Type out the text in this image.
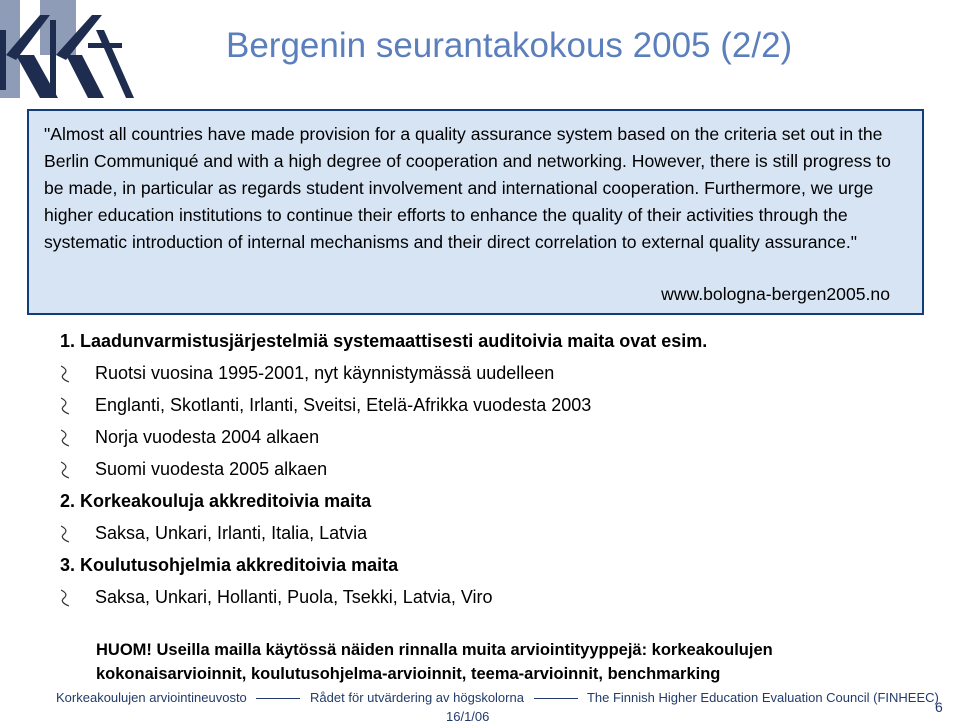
Bergenin seurantakokous 2005 (2/2)
"Almost all countries have made provision for a quality assurance system based on the criteria set out in the Berlin Communiqué and with a high degree of cooperation and networking. However, there is still progress to be made, in particular as regards student involvement and international cooperation. Furthermore, we urge higher education institutions to continue their efforts to enhance the quality of their activities through the systematic introduction of internal mechanisms and their direct correlation to external quality assurance."
www.bologna-bergen2005.no
1. Laadunvarmistusjärjestelmiä systemaattisesti auditoivia maita ovat esim.
Ruotsi vuosina 1995-2001, nyt käynnistymässä uudelleen
Englanti, Skotlanti, Irlanti, Sveitsi, Etelä-Afrikka vuodesta 2003
Norja vuodesta 2004 alkaen
Suomi vuodesta 2005 alkaen
2. Korkeakouluja akkreditoivia maita
Saksa, Unkari, Irlanti, Italia, Latvia
3. Koulutusohjelmia akkreditoivia maita
Saksa, Unkari, Hollanti, Puola, Tsekki, Latvia, Viro
HUOM! Useilla mailla käytössä näiden rinnalla muita arviointityyppejä: korkeakoulujen kokonaisarvioinnit, koulutusohjelma-arvioinnit, teema-arvioinnit, benchmarking
Korkeakoulujen arviointineuvosto	Rådet för utvärdering av högskolorna	The Finnish Higher Education Evaluation Council (FINHEEC)
16/1/06
6
